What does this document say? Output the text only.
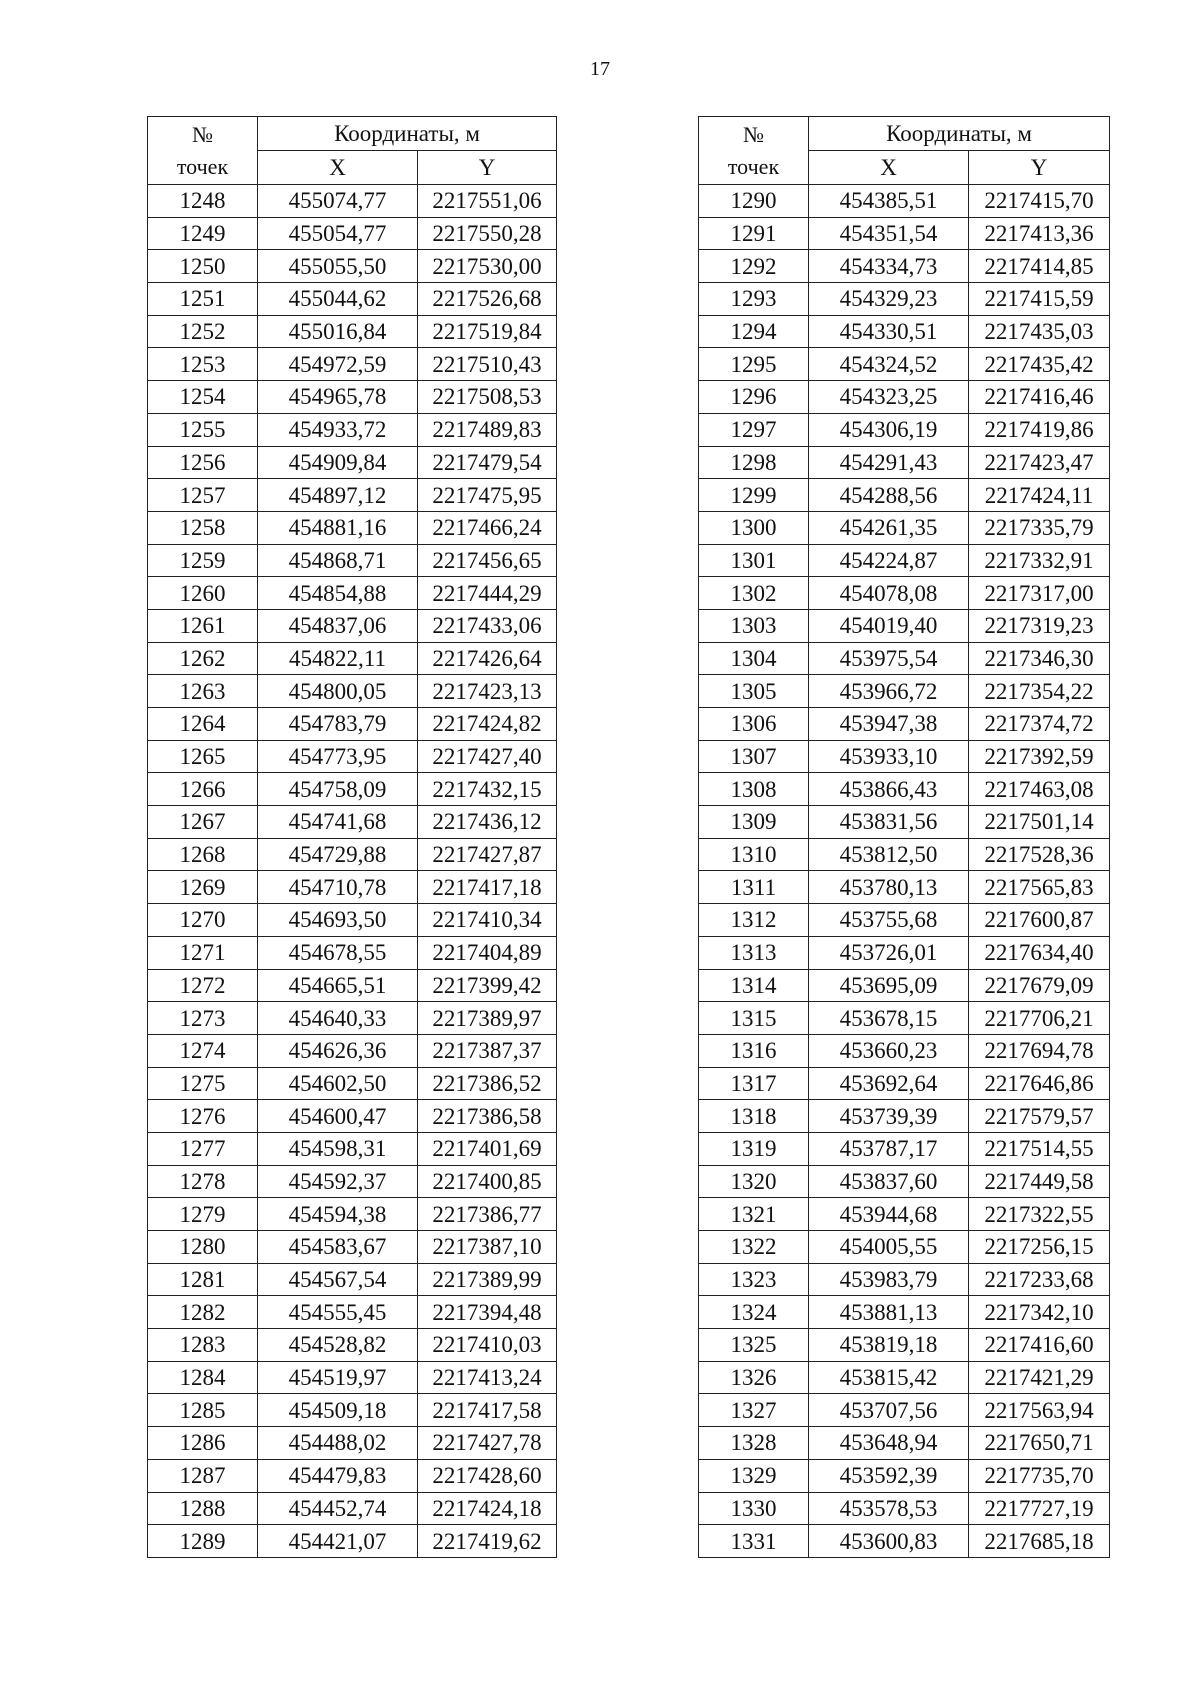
17
№
точек	Координаты, м	
	X	Y
1248	455074,77	2217551,06
1249	455054,77	2217550,28
1250	455055,50	2217530,00
1251	455044,62	2217526,68
1252	455016,84	2217519,84
1253	454972,59	2217510,43
1254	454965,78	2217508,53
1255	454933,72	2217489,83
1256	454909,84	2217479,54
1257	454897,12	2217475,95
1258	454881,16	2217466,24
1259	454868,71	2217456,65
1260	454854,88	2217444,29
1261	454837,06	2217433,06
1262	454822,11	2217426,64
1263	454800,05	2217423,13
1264	454783,79	2217424,82
1265	454773,95	2217427,40
1266	454758,09	2217432,15
1267	454741,68	2217436,12
1268	454729,88	2217427,87
1269	454710,78	2217417,18
1270	454693,50	2217410,34
1271	454678,55	2217404,89
1272	454665,51	2217399,42
1273	454640,33	2217389,97
1274	454626,36	2217387,37
1275	454602,50	2217386,52
1276	454600,47	2217386,58
1277	454598,31	2217401,69
1278	454592,37	2217400,85
1279	454594,38	2217386,77
1280	454583,67	2217387,10
1281	454567,54	2217389,99
1282	454555,45	2217394,48
1283	454528,82	2217410,03
1284	454519,97	2217413,24
1285	454509,18	2217417,58
1286	454488,02	2217427,78
1287	454479,83	2217428,60
1288	454452,74	2217424,18
1289	454421,07	2217419,62
№
точек	Координаты, м	
	X	Y
1290	454385,51	2217415,70
1291	454351,54	2217413,36
1292	454334,73	2217414,85
1293	454329,23	2217415,59
1294	454330,51	2217435,03
1295	454324,52	2217435,42
1296	454323,25	2217416,46
1297	454306,19	2217419,86
1298	454291,43	2217423,47
1299	454288,56	2217424,11
1300	454261,35	2217335,79
1301	454224,87	2217332,91
1302	454078,08	2217317,00
1303	454019,40	2217319,23
1304	453975,54	2217346,30
1305	453966,72	2217354,22
1306	453947,38	2217374,72
1307	453933,10	2217392,59
1308	453866,43	2217463,08
1309	453831,56	2217501,14
1310	453812,50	2217528,36
1311	453780,13	2217565,83
1312	453755,68	2217600,87
1313	453726,01	2217634,40
1314	453695,09	2217679,09
1315	453678,15	2217706,21
1316	453660,23	2217694,78
1317	453692,64	2217646,86
1318	453739,39	2217579,57
1319	453787,17	2217514,55
1320	453837,60	2217449,58
1321	453944,68	2217322,55
1322	454005,55	2217256,15
1323	453983,79	2217233,68
1324	453881,13	2217342,10
1325	453819,18	2217416,60
1326	453815,42	2217421,29
1327	453707,56	2217563,94
1328	453648,94	2217650,71
1329	453592,39	2217735,70
1330	453578,53	2217727,19
1331	453600,83	2217685,18
